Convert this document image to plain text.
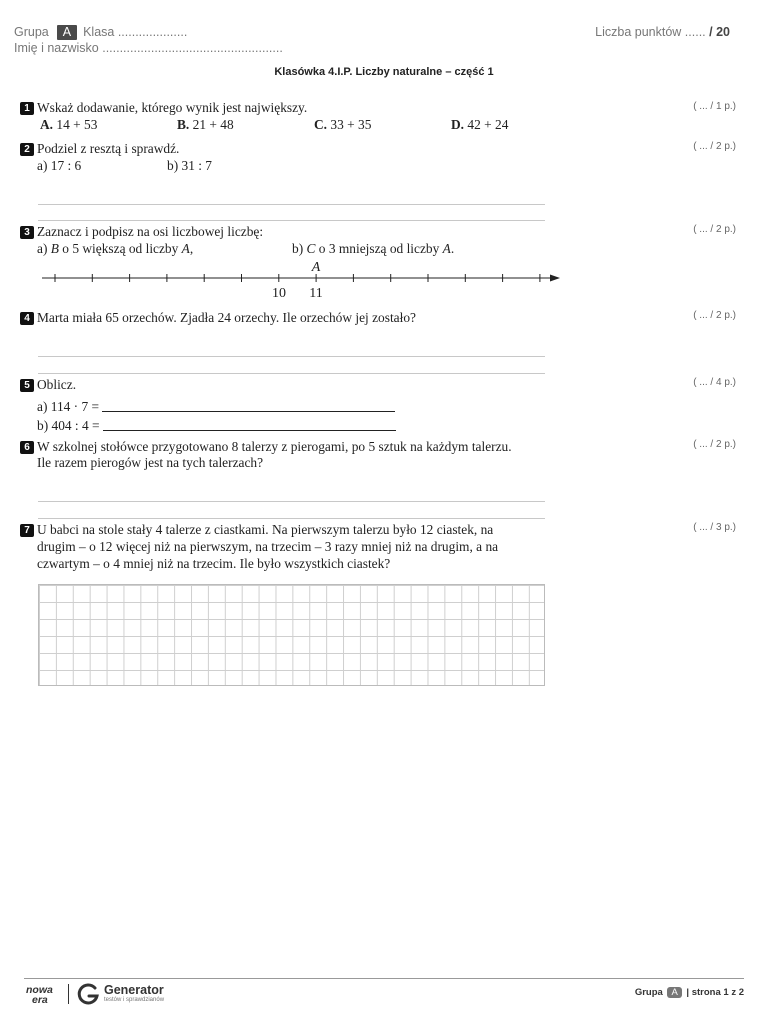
Grupa A Klasa ....................
Imię i nazwisko ....................................................
Liczba punktów ...... / 20
Klasówka 4.I.P. Liczby naturalne – część 1
1 Wskaż dodawanie, którego wynik jest największy.	( ... / 1 p.)
A. 14 + 53	B. 21 + 48	C. 33 + 35	D. 42 + 24
2 Podziel z resztą i sprawdź.	( ... / 2 p.)
a) 17 : 6	b) 31 : 7
3 Zaznacz i podpisz na osi liczbowej liczbę:	( ... / 2 p.)
a) B o 5 większą od liczby A,	b) C o 3 mniejszą od liczby A.
A
10 11
4 Marta miała 65 orzechów. Zjadła 24 orzechy. Ile orzechów jej zostało?	( ... / 2 p.)
5 Oblicz.	( ... / 4 p.)
a) 114 · 7 =
b) 404 : 4 =
6 W szkolnej stołówce przygotowano 8 talerzy z pierogami, po 5 sztuk na każdym talerzu.
Ile razem pierogów jest na tych talerzach?
( ... / 2 p.)
7 U babci na stole stały 4 talerze z ciastkami. Na pierwszym talerzu było 12 ciastek, na
drugim – o 12 więcej niż na pierwszym, na trzecim – 3 razy mniej niż na drugim, a na
czwartym – o 4 mniej niż na trzecim. Ile było wszystkich ciastek?
( ... / 3 p.)
nowa
era
Generator
testów i sprawdzianów
Grupa A | strona 1 z 2
